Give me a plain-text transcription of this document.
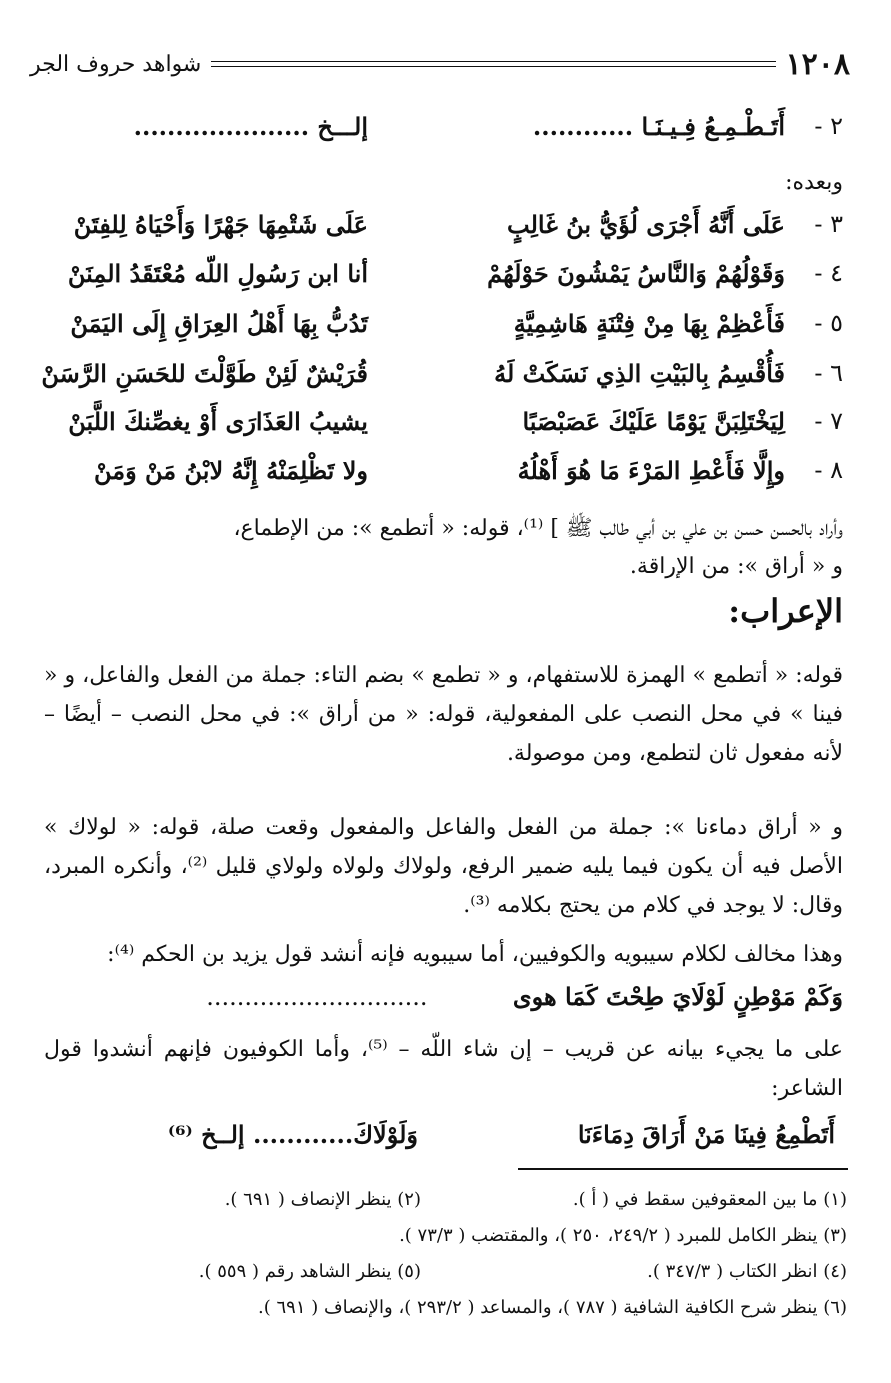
١٢٠٨
شواهد حروف الجر
٢ -
أَتَـطْـمِـعُ فِـيـنَـا ............
إلـــخ .....................
وبعده:
٣ -
عَلَى أَنَّهُ أَجْرَى لُؤَيُّ بنُ غَالِبٍ
عَلَى شَتْمِهَا جَهْرًا وَأَحْيَاهُ لِلفِتَنْ
٤ -
وَقَوْلُهُمْ وَالنَّاسُ يَمْشُونَ حَوْلَهُمْ
أنا ابن رَسُولِ اللّه مُعْتَقَدُ المِنَنْ
٥ -
فَأَعْظِمْ بِهَا مِنْ فِتْنَةٍ هَاشِمِيَّةٍ
تَدُبُّ بِهَا أَهْلُ العِرَاقِ إِلَى اليَمَنْ
٦ -
فَأُقْسِمُ بِالبَيْتِ الذِي نَسَكَتْ لَهُ
قُرَيْشٌ لَئِنْ طَوَّلْتَ للحَسَنِ الرَّسَنْ
٧ -
لِيَخْتَلِبَنَّ يَوْمًا عَلَيْكَ عَصَبْصَبًا
يشيبُ العَذَارَى أَوْ يغصِّنكَ اللَّبَنْ
٨ -
وإِلَّا فَأَعْطِ المَرْءَ مَا هُوَ أَهْلُهُ
ولا تَظْلِمَنْهُ إِنَّهُ لابْنُ مَنْ وَمَنْ
وأراد بالحسن حسن بن علي بن أبي طالب ﷺ ] ⁽¹⁾، قوله: « أتطمع »: من الإطماع،
و « أراق »: من الإراقة.
الإعراب:
قوله: « أتطمع » الهمزة للاستفهام، و « تطمع » بضم التاء: جملة من الفعل والفاعل، و « فينا » في محل النصب على المفعولية، قوله: « من أراق »: في محل النصب – أيضًا – لأنه مفعول ثان لتطمع، ومن موصولة.
و « أراق دماءنا »: جملة من الفعل والفاعل والمفعول وقعت صلة، قوله: « لولاك » الأصل فيه أن يكون فيما يليه ضمير الرفع، ولولاك ولولاه ولولاي قليل ⁽²⁾، وأنكره المبرد، وقال: لا يوجد في كلام من يحتج بكلامه ⁽³⁾.
وهذا مخالف لكلام سيبويه والكوفيين، أما سيبويه فإنه أنشد قول يزيد بن الحكم ⁽⁴⁾:
وَكَمْ مَوْطِنٍ لَوْلَايَ طِحْتَ كَمَا هوى  .............................
على ما يجيء بيانه عن قريب – إن شاء اللّه – ⁽⁵⁾، وأما الكوفيون فإنهم أنشدوا قول الشاعر:
أَتَطْمِعُ فِينَا مَنْ أَرَاقَ دِمَاءَنَا
وَلَوْلَاكَ............ إلــخ ⁽⁶⁾
(١) ما بين المعقوفين سقط في ( أ ).
(٢) ينظر الإنصاف ( ٦٩١ ).
(٣) ينظر الكامل للمبرد ( ٢٤٩/٢، ٢٥٠ )، والمقتضب ( ٧٣/٣ ).
(٤) انظر الكتاب ( ٣٤٧/٣ ).
(٥) ينظر الشاهد رقم ( ٥٥٩ ).
(٦) ينظر شرح الكافية الشافية ( ٧٨٧ )، والمساعد ( ٢٩٣/٢ )، والإنصاف ( ٦٩١ ).
